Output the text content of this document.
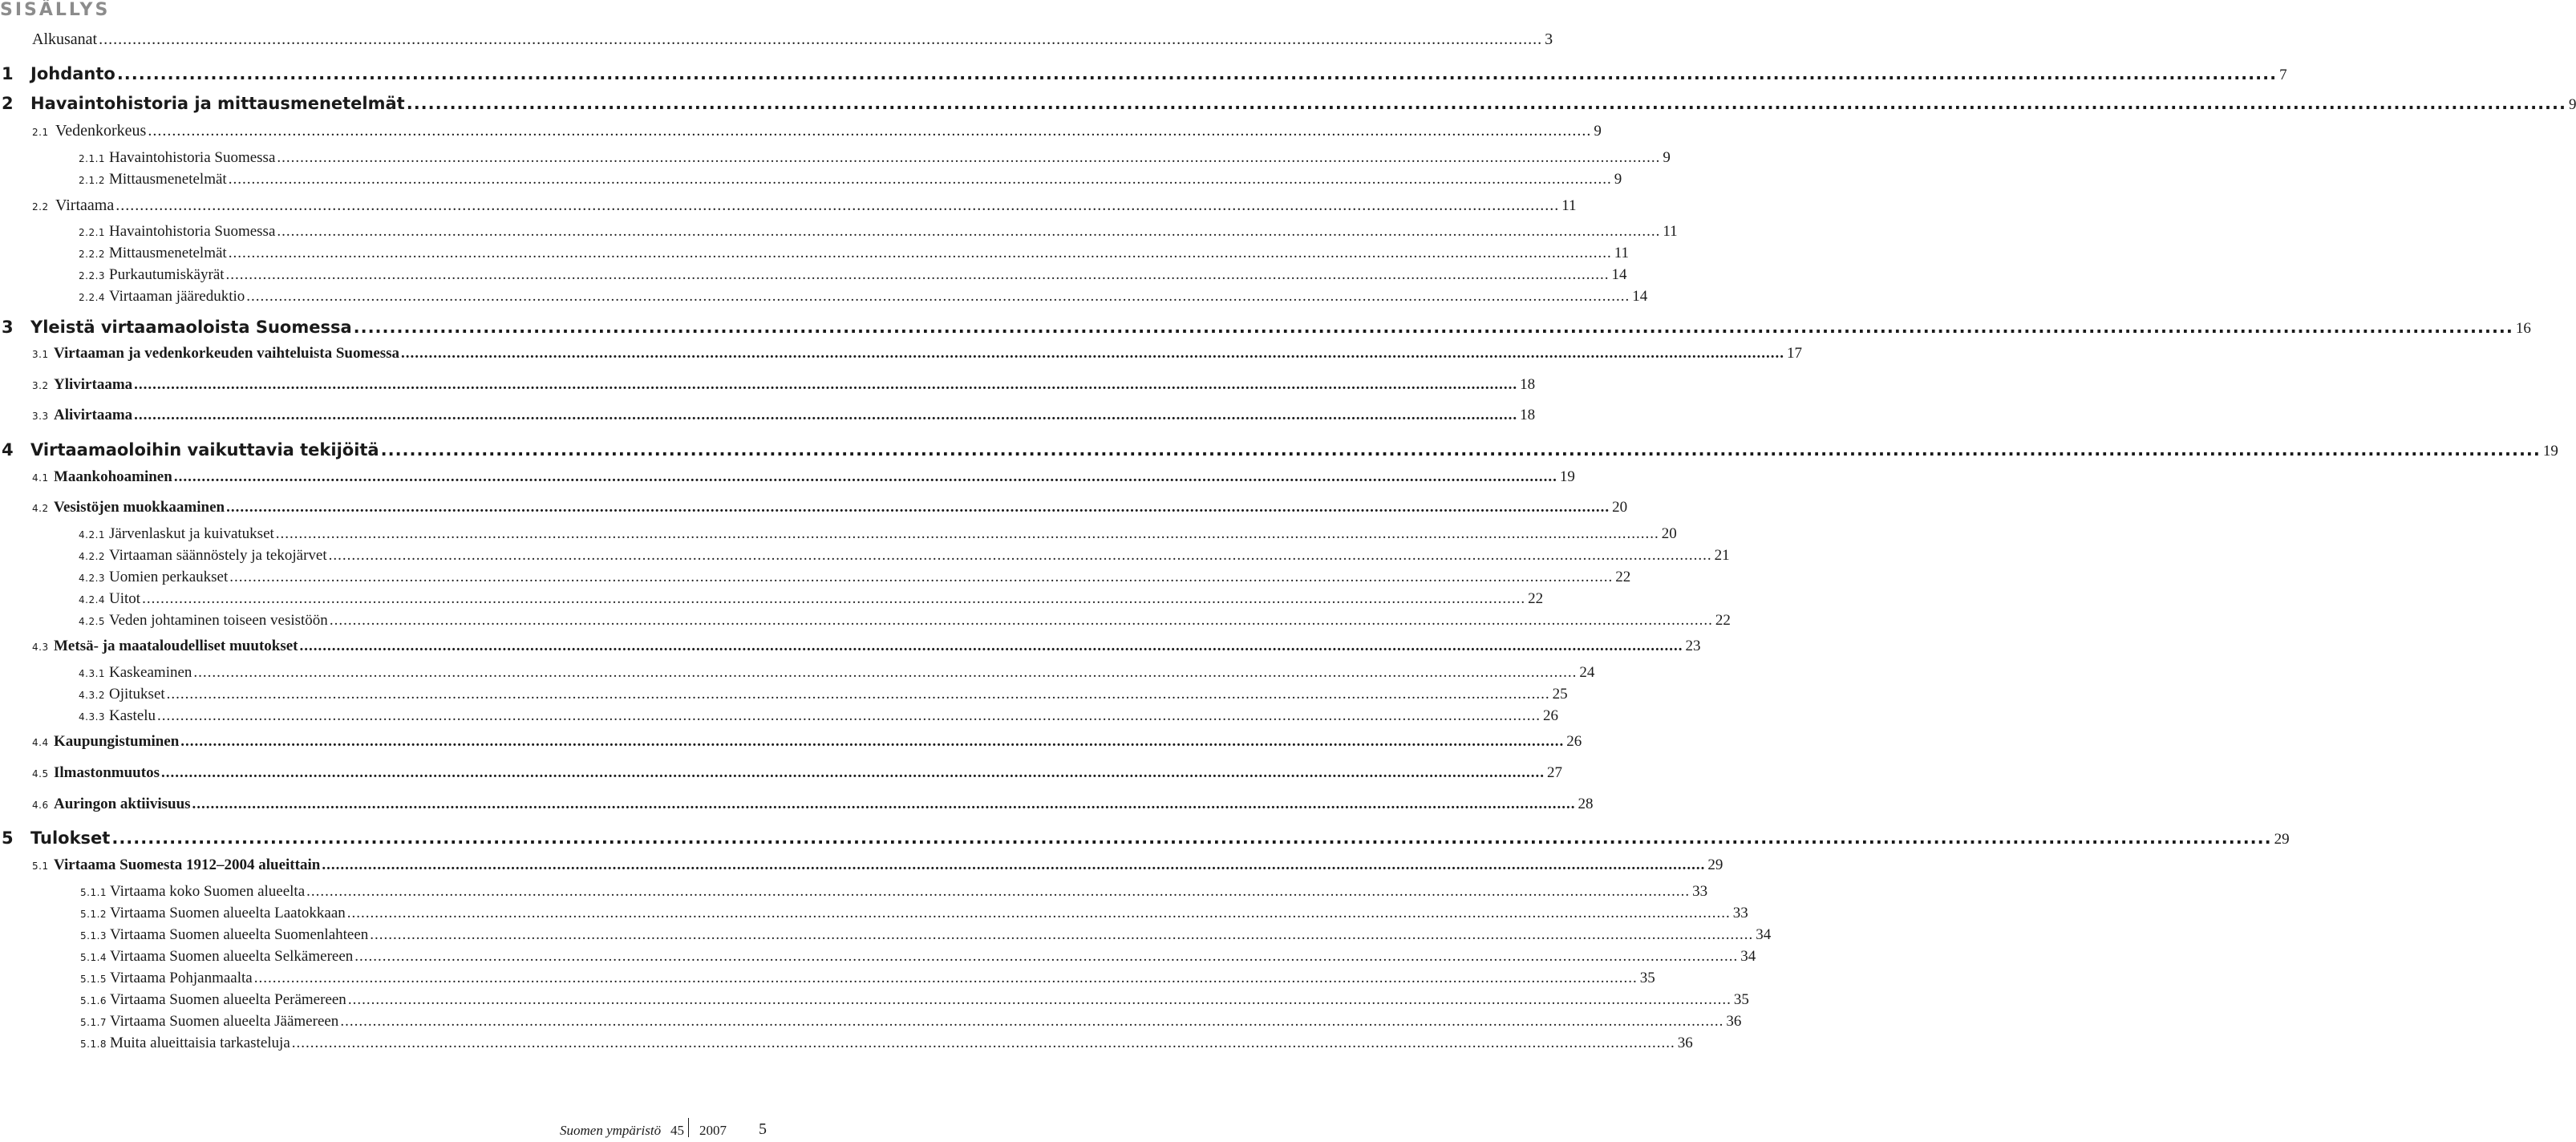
SISÄLLYS
Alkusanat ............................................................................................................................................................................................................................................................................................................ 3
1	Johdanto ............................................................................................................................................................................................................................................................................................................ 7
2	Havaintohistoria ja mittausmenetelmät ............................................................................................................................................................................................................................................................................................................ 9
2.1 Vedenkorkeus ............................................................................................................................................................................................................................................................................................................ 9
2.1.1 Havaintohistoria Suomessa ............................................................................................................................................................................................................................................................................................................ 9
2.1.2 Mittausmenetelmät ............................................................................................................................................................................................................................................................................................................ 9
2.2 Virtaama ............................................................................................................................................................................................................................................................................................................ 11
2.2.1 Havaintohistoria Suomessa ............................................................................................................................................................................................................................................................................................................ 11
2.2.2 Mittausmenetelmät ............................................................................................................................................................................................................................................................................................................ 11
2.2.3 Purkautumiskäyrät ............................................................................................................................................................................................................................................................................................................ 14
2.2.4 Virtaaman jääreduktio ............................................................................................................................................................................................................................................................................................................ 14
3	Yleistä virtaamaoloista Suomessa ............................................................................................................................................................................................................................................................................................................ 16
3.1 Virtaaman ja vedenkorkeuden vaihteluista Suomessa ............................................................................................................................................................................................................................................................................................................ 17
3.2 Ylivirtaama ............................................................................................................................................................................................................................................................................................................ 18
3.3 Alivirtaama ............................................................................................................................................................................................................................................................................................................ 18
4	Virtaamaoloihin vaikuttavia tekijöitä ............................................................................................................................................................................................................................................................................................................ 19
4.1 Maankohoaminen ............................................................................................................................................................................................................................................................................................................ 19
4.2 Vesistöjen muokkaaminen ............................................................................................................................................................................................................................................................................................................ 20
4.2.1 Järvenlaskut ja kuivatukset ............................................................................................................................................................................................................................................................................................................ 20
4.2.2 Virtaaman säännöstely ja tekojärvet ............................................................................................................................................................................................................................................................................................................ 21
4.2.3 Uomien perkaukset ............................................................................................................................................................................................................................................................................................................ 22
4.2.4 Uitot ............................................................................................................................................................................................................................................................................................................ 22
4.2.5 Veden johtaminen toiseen vesistöön ............................................................................................................................................................................................................................................................................................................ 22
4.3 Metsä- ja maataloudelliset muutokset ............................................................................................................................................................................................................................................................................................................ 23
4.3.1 Kaskeaminen ............................................................................................................................................................................................................................................................................................................ 24
4.3.2 Ojitukset ............................................................................................................................................................................................................................................................................................................ 25
4.3.3 Kastelu ............................................................................................................................................................................................................................................................................................................ 26
4.4 Kaupungistuminen ............................................................................................................................................................................................................................................................................................................ 26
4.5 Ilmastonmuutos ............................................................................................................................................................................................................................................................................................................ 27
4.6 Auringon aktiivisuus ............................................................................................................................................................................................................................................................................................................ 28
5	Tulokset ............................................................................................................................................................................................................................................................................................................ 29
5.1 Virtaama Suomesta 1912–2004 alueittain ............................................................................................................................................................................................................................................................................................................ 29
5.1.1 Virtaama koko Suomen alueelta ............................................................................................................................................................................................................................................................................................................ 33
5.1.2 Virtaama Suomen alueelta Laatokkaan ............................................................................................................................................................................................................................................................................................................ 33
5.1.3 Virtaama Suomen alueelta Suomenlahteen ............................................................................................................................................................................................................................................................................................................ 34
5.1.4 Virtaama Suomen alueelta Selkämereen ............................................................................................................................................................................................................................................................................................................ 34
5.1.5 Virtaama Pohjanmaalta ............................................................................................................................................................................................................................................................................................................ 35
5.1.6 Virtaama Suomen alueelta Perämereen ............................................................................................................................................................................................................................................................................................................ 35
5.1.7 Virtaama Suomen alueelta Jäämereen ............................................................................................................................................................................................................................................................................................................ 36
5.1.8 Muita alueittaisia tarkasteluja ............................................................................................................................................................................................................................................................................................................ 36
Suomen ympäristö 45 2007 5
